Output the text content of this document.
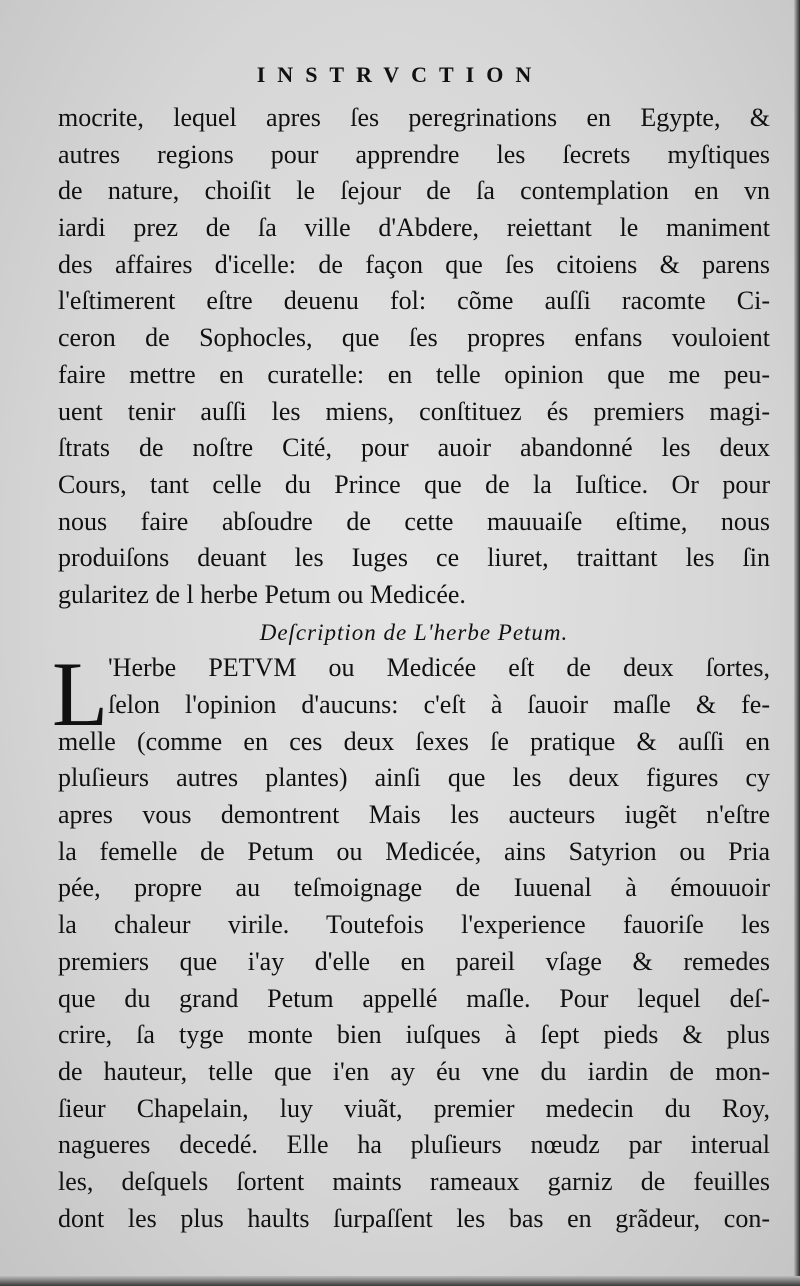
INSTRVCTION
mocrite, lequel apres ſes peregrinations en Egypte, &
autres regions pour apprendre les ſecrets myſtiques
de nature, choiſit le ſejour de ſa contemplation en vn
iardi prez de ſa ville d'Abdere, reiettant le maniment
des affaires d'icelle: de façon que ſes citoiens & parens
l'eſtimerent eſtre deuenu fol: cõme auſſi racomte Ci-
ceron de Sophocles, que ſes propres enfans vouloient
faire mettre en curatelle: en telle opinion que me peu-
uent tenir auſſi les miens, conſtituez és premiers magi-
ſtrats de noſtre Cité, pour auoir abandonné les deux
Cours, tant celle du Prince que de la Iuſtice. Or pour
nous faire abſoudre de cette mauuaiſe eſtime, nous
produiſons deuant les Iuges ce liuret, traittant les ſin
gularitez de l herbe Petum ou Medicée.
Deſcription de L'herbe Petum.
L 'Herbe PETVM ou Medicée eſt de deux ſortes,
ſelon l'opinion d'aucuns: c'eſt à ſauoir maſle & fe-
melle (comme en ces deux ſexes ſe pratique & auſſi en
pluſieurs autres plantes) ainſi que les deux figures cy
apres vous demontrent Mais les aucteurs iugẽt n'eſtre
la femelle de Petum ou Medicée, ains Satyrion ou Pria
pée, propre au teſmoignage de Iuuenal à émouuoir
la chaleur virile. Toutefois l'experience fauoriſe les
premiers que i'ay d'elle en pareil vſage & remedes
que du grand Petum appellé maſle. Pour lequel deſ-
crire, ſa tyge monte bien iuſques à ſept pieds & plus
de hauteur, telle que i'en ay éu vne du iardin de mon-
ſieur Chapelain, luy viuãt, premier medecin du Roy,
nagueres decedé. Elle ha pluſieurs nœudz par interual
les, deſquels ſortent maints rameaux garniz de feuilles
dont les plus haults ſurpaſſent les bas en grãdeur, con-
